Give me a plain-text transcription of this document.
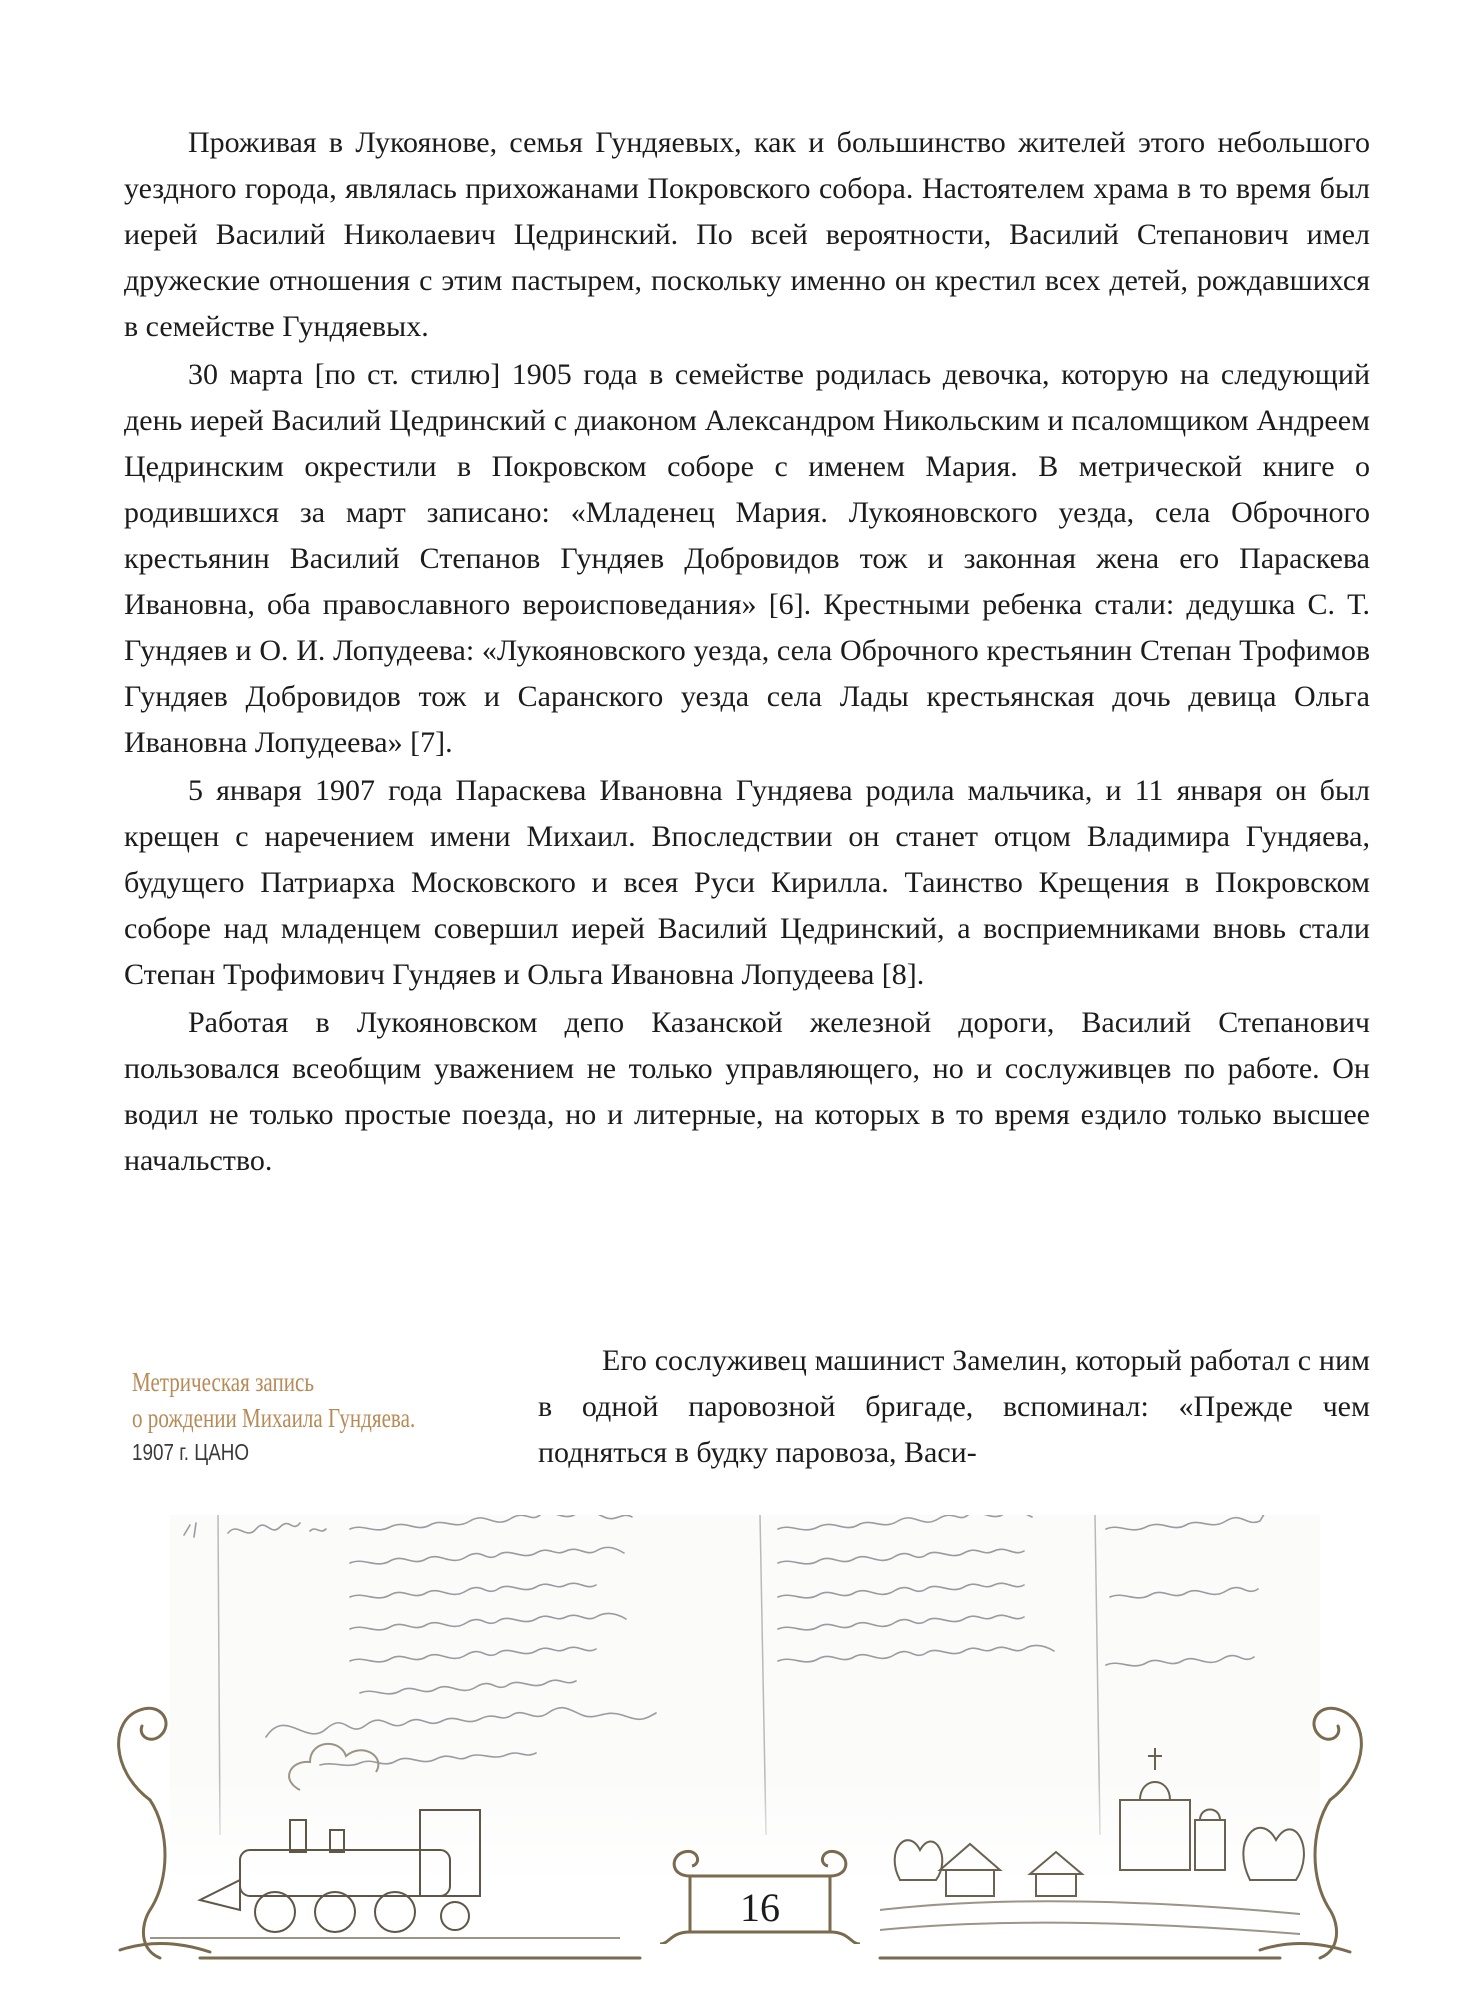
Проживая в Лукоянове, семья Гундяевых, как и большинство жителей этого небольшого уездного города, являлась прихожанами Покровского собора. Настоятелем храма в то время был иерей Василий Николаевич Цедринский. По всей вероятности, Василий Степанович имел дружеские отношения с этим пастырем, поскольку именно он крестил всех детей, рождавшихся в семействе Гундяевых.

30 марта [по ст. стилю] 1905 года в семействе родилась девочка, которую на следующий день иерей Василий Цедринский с диаконом Александром Никольским и псаломщиком Андреем Цедринским окрестили в Покровском соборе с именем Мария. В метрической книге о родившихся за март записано: «Младенец Мария. Лукояновского уезда, села Оброчного крестьянин Василий Степанов Гундяев Добровидов тож и законная жена его Параскева Ивановна, оба православного вероисповедания» [6]. Крестными ребенка стали: дедушка С. Т. Гундяев и О. И. Лопудеева: «Лукояновского уезда, села Оброчного крестьянин Степан Трофимов Гундяев Добровидов тож и Саранского уезда села Лады крестьянская дочь девица Ольга Ивановна Лопудеева» [7].

5 января 1907 года Параскева Ивановна Гундяева родила мальчика, и 11 января он был крещен с наречением имени Михаил. Впоследствии он станет отцом Владимира Гундяева, будущего Патриарха Московского и всея Руси Кирилла. Таинство Крещения в Покровском соборе над младенцем совершил иерей Василий Цедринский, а восприемниками вновь стали Степан Трофимович Гундяев и Ольга Ивановна Лопудеева [8].

Работая в Лукояновском депо Казанской железной дороги, Василий Степанович пользовался всеобщим уважением не только управляющего, но и сослуживцев по работе. Он водил не только простые поезда, но и литерные, на которых в то время ездило только высшее начальство.

Метрическая запись
о рождении Михаила Гундяева.
1907 г. ЦАНО

Его сослуживец машинист Замелин, который работал с ним в одной паровозной бригаде, вспоминал: «Прежде чем подняться в будку паровоза, Васи-

16
